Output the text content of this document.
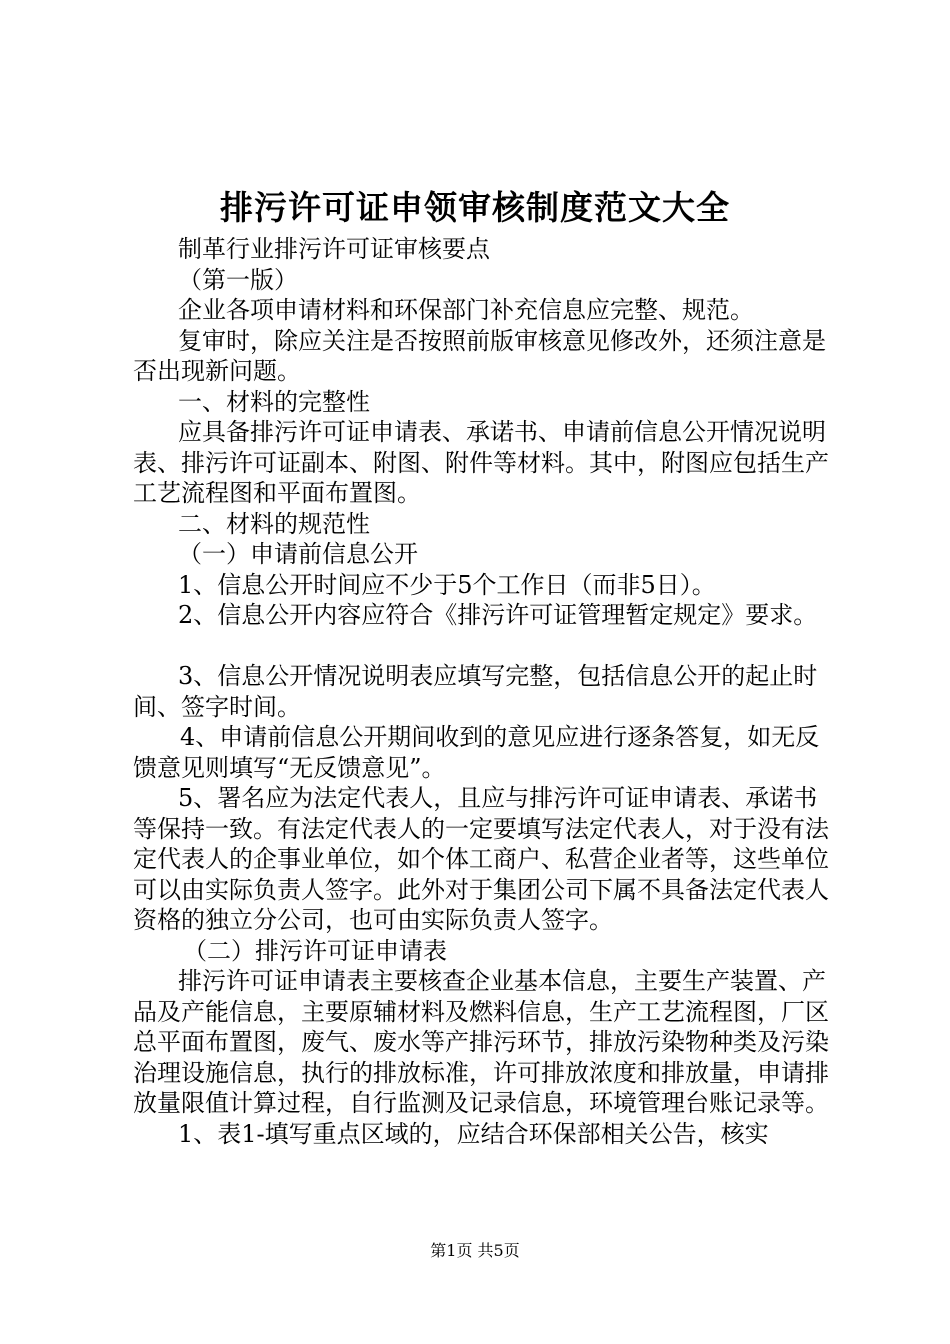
排污许可证申领审核制度范文大全

制革行业排污许可证审核要点

（第一版）

企业各项申请材料和环保部门补充信息应完整、规范。

复审时，除应关注是否按照前版审核意见修改外，还须注意是否出现新问题。

一、材料的完整性

应具备排污许可证申请表、承诺书、申请前信息公开情况说明表、排污许可证副本、附图、附件等材料。其中，附图应包括生产工艺流程图和平面布置图。

二、材料的规范性

（一）申请前信息公开

1、信息公开时间应不少于5个工作日（而非5日）。

2、信息公开内容应符合《排污许可证管理暂定规定》要求。

3、信息公开情况说明表应填写完整，包括信息公开的起止时间、签字时间。

4、申请前信息公开期间收到的意见应进行逐条答复，如无反馈意见则填写“无反馈意见”。

5、署名应为法定代表人，且应与排污许可证申请表、承诺书等保持一致。有法定代表人的一定要填写法定代表人，对于没有法定代表人的企事业单位，如个体工商户、私营企业者等，这些单位可以由实际负责人签字。此外对于集团公司下属不具备法定代表人资格的独立分公司，也可由实际负责人签字。

（二）排污许可证申请表

排污许可证申请表主要核查企业基本信息，主要生产装置、产品及产能信息，主要原辅材料及燃料信息，生产工艺流程图，厂区总平面布置图，废气、废水等产排污环节，排放污染物种类及污染治理设施信息，执行的排放标准，许可排放浓度和排放量，申请排放量限值计算过程，自行监测及记录信息，环境管理台账记录等。

1、表1-填写重点区域的，应结合环保部相关公告，核实

第1页 共5页
